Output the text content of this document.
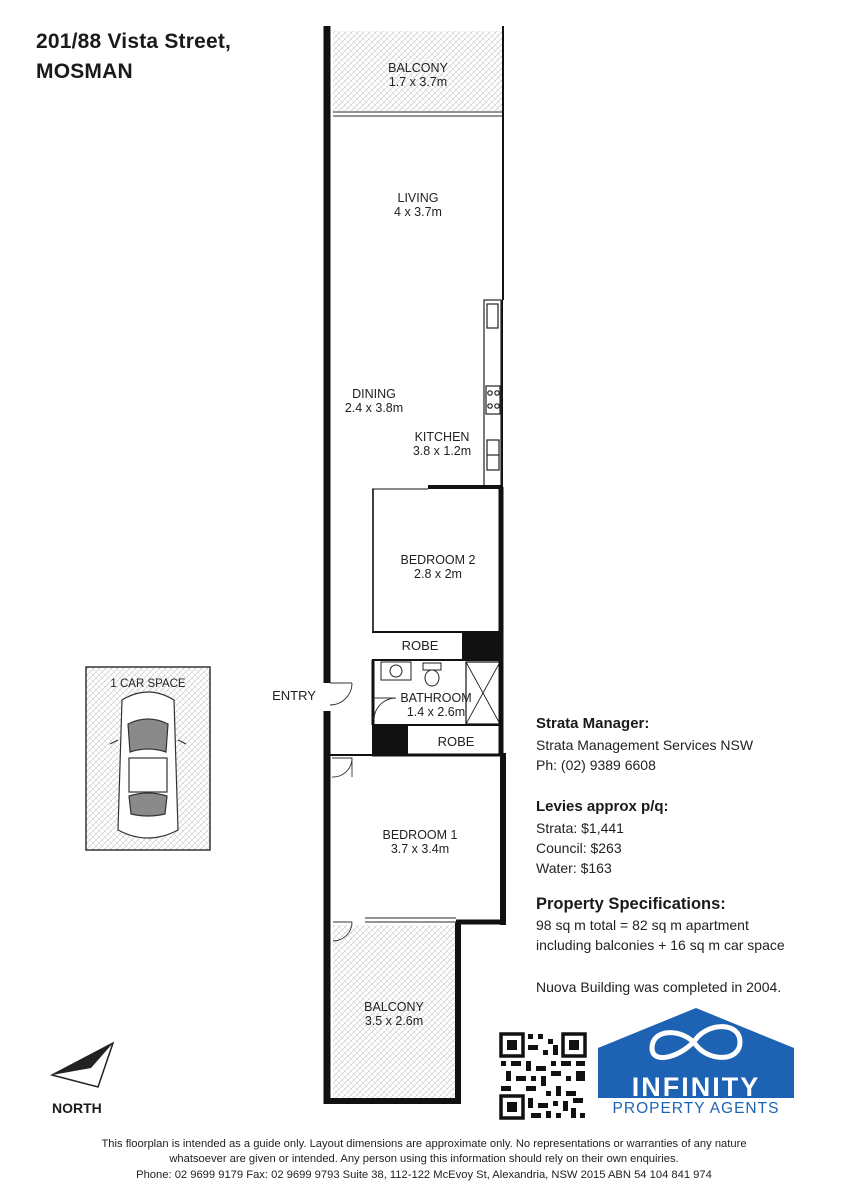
201/88 Vista Street,
MOSMAN
INFINITY
PROPERTY AGENTS
BALCONY
1.7 x 3.7m
LIVING
4 x 3.7m
DINING
2.4 x 3.8m
KITCHEN
3.8 x 1.2m
BEDROOM 2
2.8 x 2m
ROBE
BATHROOM
1.4 x 2.6m
ROBE
BEDROOM 1
3.7 x 3.4m
BALCONY
3.5 x 2.6m
ENTRY
1 CAR SPACE
NORTH
Strata Manager:
Strata Management Services NSW
Ph: (02) 9389 6608
Levies approx p/q:
Strata: $1,441
Council: $263
Water: $163
Property Specifications:
98 sq m total = 82 sq m apartment
including balconies + 16 sq m car space
Nuova Building was completed in 2004.
This floorplan is intended as a guide only. Layout dimensions are approximate only. No representations or warranties of any nature
whatsoever are given or intended. Any person using this information should rely on their own enquiries.
Phone: 02 9699 9179 Fax: 02 9699 9793 Suite 38, 112-122 McEvoy St, Alexandria, NSW 2015 ABN 54 104 841 974
